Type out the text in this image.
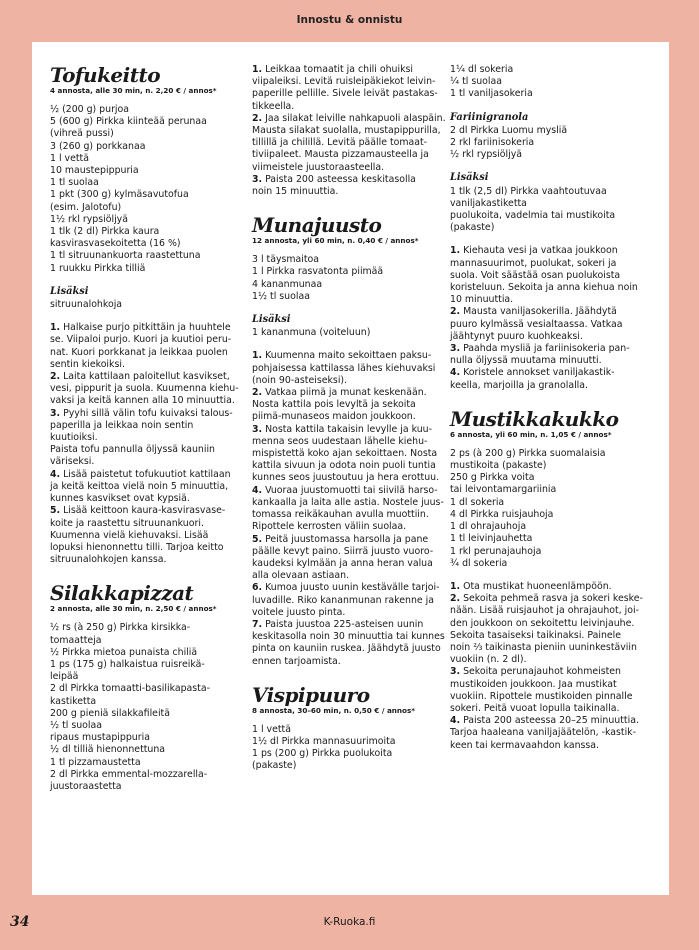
Innostu & onnistu
Tofukeitto
4 annosta, alle 30 min, n. 2,20 € / annos*
½ (200 g) purjoa
5 (600 g) Pirkka kiinteää perunaa
(vihreä pussi)
3 (260 g) porkkanaa
1 l vettä
10 maustepippuria
1 tl suolaa
1 pkt (300 g) kylmäsavutofua
(esim. Jalotofu)
1½ rkl rypsiöljyä
1 tlk (2 dl) Pirkka kaura
kasvirasvasekoitetta (16 %)
1 tl sitruunankuorta raastettuna
1 ruukku Pirkka tilliä
Lisäksi
sitruunalohkoja
1. Halkaise purjo pitkittäin ja huuhtele
se. Viipaloi purjo. Kuori ja kuutioi peru-
nat. Kuori porkkanat ja leikkaa puolen
sentin kiekoiksi.
2. Laita kattilaan paloitellut kasvikset,
vesi, pippurit ja suola. Kuumenna kiehu-
vaksi ja keitä kannen alla 10 minuuttia.
3. Pyyhi sillä välin tofu kuivaksi talous-
paperilla ja leikkaa noin sentin kuutioiksi.
Paista tofu pannulla öljyssä kauniin
väriseksi.
4. Lisää paistetut tofukuutiot kattilaan
ja keitä keittoa vielä noin 5 minuuttia,
kunnes kasvikset ovat kypsiä.
5. Lisää keittoon kaura-kasvirasvase-
koite ja raastettu sitruunankuori.
Kuumenna vielä kiehuvaksi. Lisää
lopuksi hienonnettu tilli. Tarjoa keitto
sitruunalohkojen kanssa.
Silakkapizzat
2 annosta, alle 30 min, n. 2,50 € / annos*
½ rs (à 250 g) Pirkka kirsikka-
tomaatteja
½ Pirkka mietoa punaista chiliä
1 ps (175 g) halkaistua ruisreikä-
leipää
2 dl Pirkka tomaatti-basilikapasta-
kastiketta
200 g pieniä silakkafileitä
½ tl suolaa
ripaus mustapippuria
½ dl tilliä hienonnettuna
1 tl pizzamaustetta
2 dl Pirkka emmental-mozzarella-
juustoraastetta
1. Leikkaa tomaatit ja chili ohuiksi
viipaleiksi. Levitä ruisleipäkiekot leivin-
paperille pellille. Sivele leivät pastakas-
tikkeella.
2. Jaa silakat leiville nahkapuoli alaspäin.
Mausta silakat suolalla, mustapippurilla,
tillillä ja chilillä. Levitä päälle tomaat-
tiviipaleet. Mausta pizzamausteella ja
viimeistele juustoraasteella.
3. Paista 200 asteessa keskitasolla
noin 15 minuuttia.
Munajuusto
12 annosta, yli 60 min, n. 0,40 € / annos*
3 l täysmaitoa
1 l Pirkka rasvatonta piimää
4 kananmunaa
1½ tl suolaa
Lisäksi
1 kananmuna (voiteluun)
1. Kuumenna maito sekoittaen paksu-
pohjaisessa kattilassa lähes kiehuvaksi
(noin 90-asteiseksi).
2. Vatkaa piimä ja munat keskenään.
Nosta kattila pois levyltä ja sekoita
piimä-munaseos maidon joukkoon.
3. Nosta kattila takaisin levylle ja kuu-
menna seos uudestaan lähelle kiehu-
mispistettä koko ajan sekoittaen. Nosta
kattila sivuun ja odota noin puoli tuntia
kunnes seos juustoutuu ja hera erottuu.
4. Vuoraa juustomuotti tai siivilä harso-
kankaalla ja laita alle astia. Nostele juus-
tomassa reikäkauhan avulla muottiin.
Ripottele kerrosten väliin suolaa.
5. Peitä juustomassa harsolla ja pane
päälle kevyt paino. Siirrä juusto vuoro-
kaudeksi kylmään ja anna heran valua
alla olevaan astiaan.
6. Kumoa juusto uunin kestävälle tarjoi-
luvadille. Riko kananmunan rakenne ja
voitele juusto pinta.
7. Paista juustoa 225-asteisen uunin
keskitasolla noin 30 minuuttia tai kunnes
pinta on kauniin ruskea. Jäähdytä juusto
ennen tarjoamista.
Vispipuuro
8 annosta, 30–60 min, n. 0,50 € / annos*
1 l vettä
1½ dl Pirkka mannasuurimoita
1 ps (200 g) Pirkka puolukoita
(pakaste)
1¼ dl sokeria
¼ tl suolaa
1 tl vaniljasokeria
Fariinigranola
2 dl Pirkka Luomu mysliä
2 rkl fariinisokeria
½ rkl rypsiöljyä
Lisäksi
1 tlk (2,5 dl) Pirkka vaahtoutuvaa
vaniljakastiketta
puolukoita, vadelmia tai mustikoita
(pakaste)
1. Kiehauta vesi ja vatkaa joukkoon
mannasuurimot, puolukat, sokeri ja
suola. Voit säästää osan puolukoista
koristeluun. Sekoita ja anna kiehua noin
10 minuuttia.
2. Mausta vaniljasokerilla. Jäähdytä
puuro kylmässä vesialtaassa. Vatkaa
jäähtynyt puuro kuohkeaksi.
3. Paahda mysliä ja fariinisokeria pan-
nulla öljyssä muutama minuutti.
4. Koristele annokset vaniljakastik-
keella, marjoilla ja granolalla.
Mustikkakukko
6 annosta, yli 60 min, n. 1,05 € / annos*
2 ps (à 200 g) Pirkka suomalaisia
mustikoita (pakaste)
250 g Pirkka voita
tai leivontamargariinia
1 dl sokeria
4 dl Pirkka ruisjauhoja
1 dl ohrajauhoja
1 tl leivinjauhetta
1 rkl perunajauhoja
¾ dl sokeria
1. Ota mustikat huoneenlämpöön.
2. Sekoita pehmeä rasva ja sokeri keske-
nään. Lisää ruisjauhot ja ohrajauhot, joi-
den joukkoon on sekoitettu leivinjauhe.
Sekoita tasaiseksi taikinaksi. Painele
noin ⅔ taikinasta pieniin uuninkestäviin
vuokiin (n. 2 dl).
3. Sekoita perunajauhot kohmeisten
mustikoiden joukkoon. Jaa mustikat
vuokiin. Ripottele mustikoiden pinnalle
sokeri. Peitä vuoat lopulla taikinalla.
4. Paista 200 asteessa 20–25 minuuttia.
Tarjoa haaleana vaniljajäätelön, -kastik-
keen tai kermavaahdon kanssa.
34	K-Ruoka.fi
